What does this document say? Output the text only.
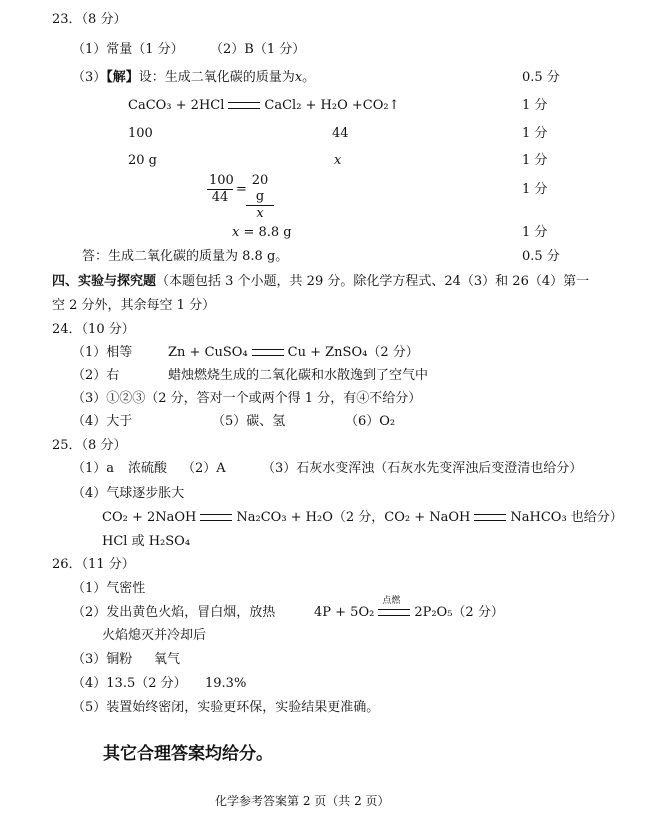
23．（8 分）
（1）常量（1 分） （2）B（1 分）
（3）【解】设：生成二氧化碳的质量为x。	0.5 分
CaCO₃ + 2HCl	CaCl₂ + H₂O +CO₂↑	1 分
100	44	1 分
20 g	x	1 分
$\frac{100}{44} = \frac{20 g}{x}$	1 分
x = 8.8 g	1 分
答：生成二氧化碳的质量为 8.8 g。	0.5 分
四、实验与探究题（本题包括 3 个小题，共 29 分。除化学方程式、24（3）和 26（4）第一
空 2 分外，其余每空 1 分）
24．（10 分）
（1）相等	Zn + CuSO₄	Cu + ZnSO₄（2 分）
（2）右	蜡烛燃烧生成的二氧化碳和水散逸到了空气中
（3）①②③（2 分，答对一个或两个得 1 分，有④不给分）
（4）大于	（5）碳、氢	（6）O₂
25．（8 分）
（1）a 浓硫酸 （2）A	（3）石灰水变浑浊（石灰水先变浑浊后变澄清也给分）
（4）气球逐步胀大
CO₂ + 2NaOH	Na₂CO₃ + H₂O（2 分，CO₂ + NaOH	NaHCO₃ 也给分）
HCl 或 H₂SO₄
26．（11 分）
（1）气密性
（2）发出黄色火焰，冒白烟，放热	4P + 5O₂
点燃
2P₂O₅（2 分）
火焰熄灭并冷却后
（3）铜粉 氧气
（4）13.5（2 分） 19.3%
（5）装置始终密闭，实验更环保，实验结果更准确。
其它合理答案均给分。
化学参考答案第 2 页（共 2 页）
